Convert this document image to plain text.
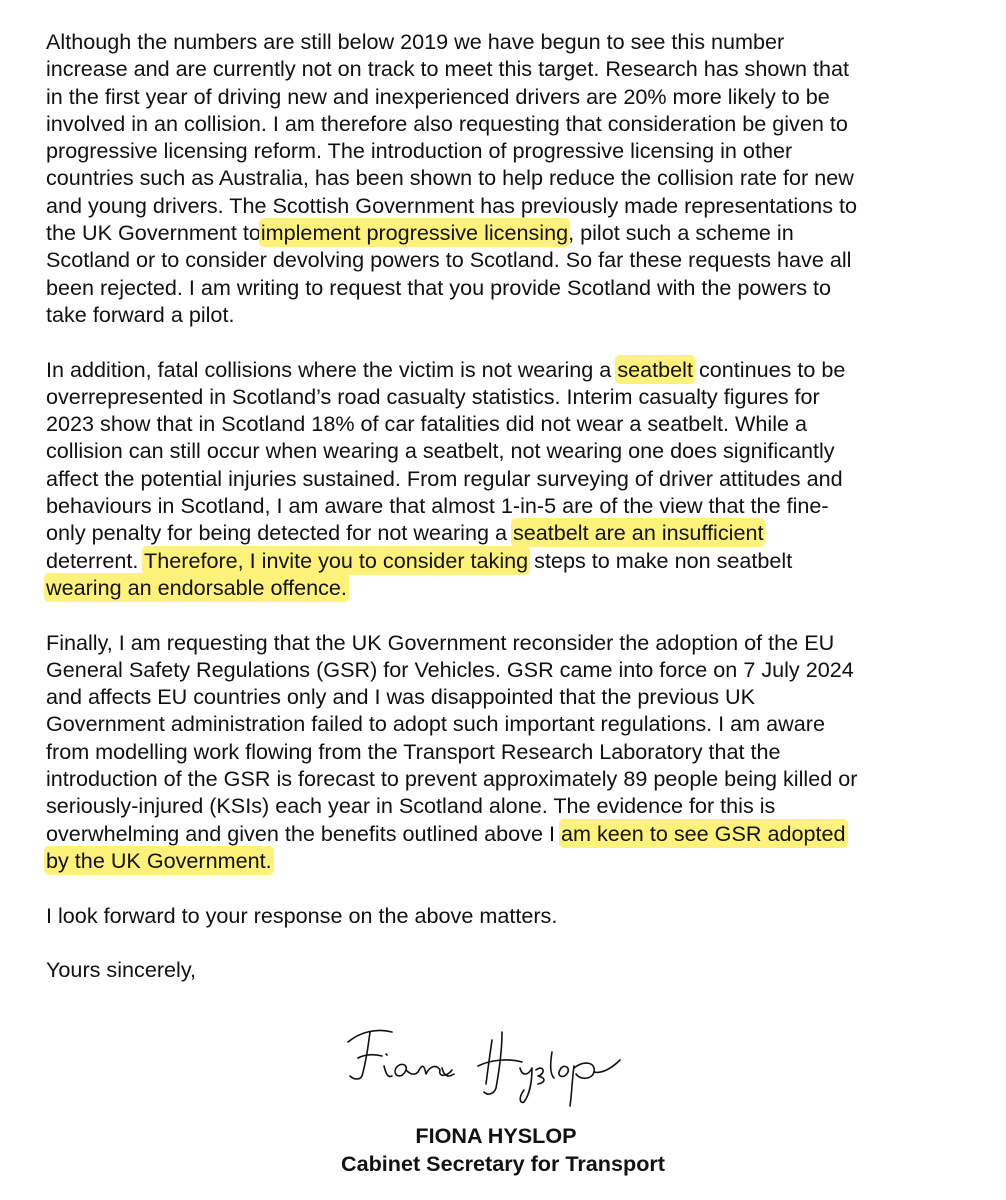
Although the numbers are still below 2019 we have begun to see this number
increase and are currently not on track to meet this target. Research has shown that
in the first year of driving new and inexperienced drivers are 20% more likely to be
involved in an collision. I am therefore also requesting that consideration be given to
progressive licensing reform. The introduction of progressive licensing in other
countries such as Australia, has been shown to help reduce the collision rate for new
and young drivers. The Scottish Government has previously made representations to
the UK Government toimplement progressive licensing, pilot such a scheme in
Scotland or to consider devolving powers to Scotland. So far these requests have all
been rejected. I am writing to request that you provide Scotland with the powers to
take forward a pilot.

In addition, fatal collisions where the victim is not wearing a seatbelt continues to be
overrepresented in Scotland’s road casualty statistics. Interim casualty figures for
2023 show that in Scotland 18% of car fatalities did not wear a seatbelt. While a
collision can still occur when wearing a seatbelt, not wearing one does significantly
affect the potential injuries sustained. From regular surveying of driver attitudes and
behaviours in Scotland, I am aware that almost 1-in-5 are of the view that the fine-
only penalty for being detected for not wearing a seatbelt are an insufficient
deterrent. Therefore, I invite you to consider taking steps to make non seatbelt
wearing an endorsable offence.

Finally, I am requesting that the UK Government reconsider the adoption of the EU
General Safety Regulations (GSR) for Vehicles. GSR came into force on 7 July 2024
and affects EU countries only and I was disappointed that the previous UK
Government administration failed to adopt such important regulations. I am aware
from modelling work flowing from the Transport Research Laboratory that the
introduction of the GSR is forecast to prevent approximately 89 people being killed or
seriously-injured (KSIs) each year in Scotland alone. The evidence for this is
overwhelming and given the benefits outlined above I am keen to see GSR adopted
by the UK Government.

I look forward to your response on the above matters.

Yours sincerely,

FIONA HYSLOP
Cabinet Secretary for Transport
